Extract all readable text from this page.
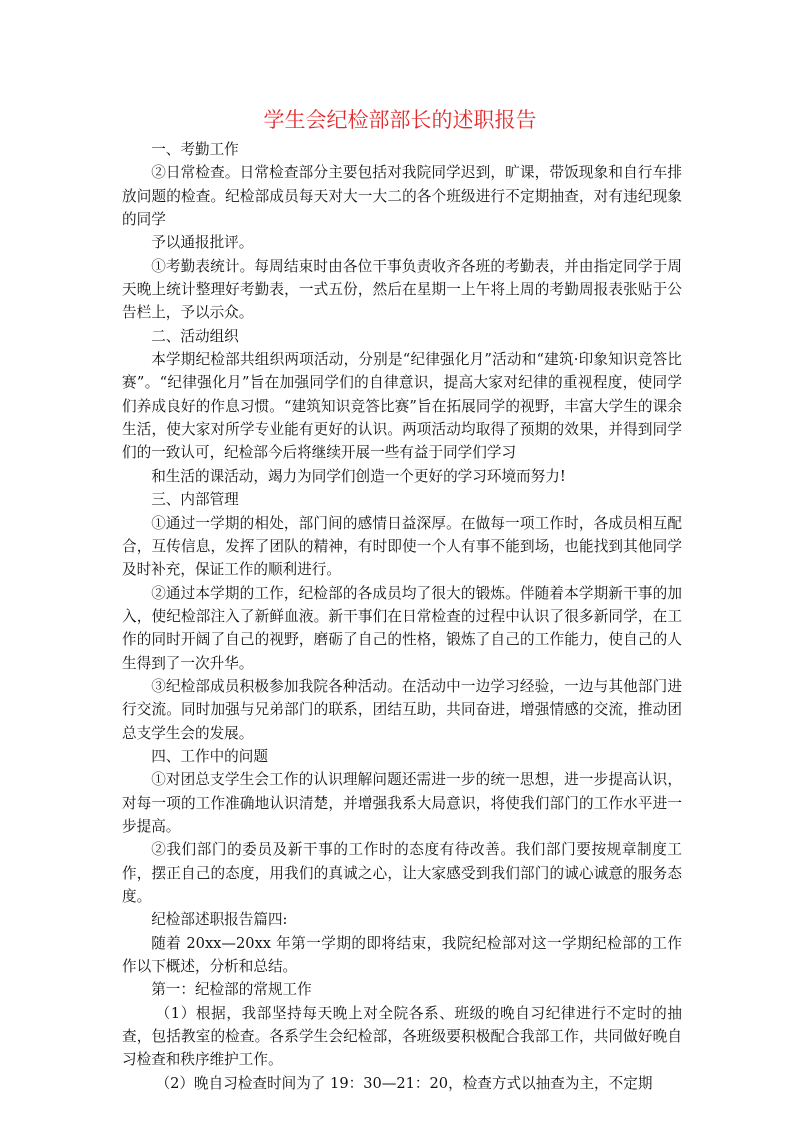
学生会纪检部部长的述职报告

一、考勤工作

②日常检查。日常检查部分主要包括对我院同学迟到，旷课，带饭现象和自行车排放问题的检查。纪检部成员每天对大一大二的各个班级进行不定期抽查，对有违纪现象的同学

予以通报批评。

①考勤表统计。每周结束时由各位干事负责收齐各班的考勤表，并由指定同学于周天晚上统计整理好考勤表，一式五份，然后在星期一上午将上周的考勤周报表张贴于公告栏上，予以示众。

二、活动组织

本学期纪检部共组织两项活动，分别是“纪律强化月”活动和“建筑·印象知识竞答比赛”。“纪律强化月”旨在加强同学们的自律意识，提高大家对纪律的重视程度，使同学们养成良好的作息习惯。“建筑知识竞答比赛”旨在拓展同学的视野，丰富大学生的课余生活，使大家对所学专业能有更好的认识。两项活动均取得了预期的效果，并得到同学们的一致认可，纪检部今后将继续开展一些有益于同学们学习

和生活的课活动，竭力为同学们创造一个更好的学习环境而努力!

三、内部管理

①通过一学期的相处，部门间的感情日益深厚。在做每一项工作时，各成员相互配合，互传信息，发挥了团队的精神，有时即使一个人有事不能到场，也能找到其他同学及时补充，保证工作的顺利进行。

②通过本学期的工作，纪检部的各成员均了很大的锻炼。伴随着本学期新干事的加入，使纪检部注入了新鲜血液。新干事们在日常检查的过程中认识了很多新同学，在工作的同时开阔了自己的视野，磨砺了自己的性格，锻炼了自己的工作能力，使自己的人生得到了一次升华。

③纪检部成员积极参加我院各种活动。在活动中一边学习经验，一边与其他部门进行交流。同时加强与兄弟部门的联系，团结互助，共同奋进，增强情感的交流，推动团总支学生会的发展。

四、工作中的问题

①对团总支学生会工作的认识理解问题还需进一步的统一思想，进一步提高认识，对每一项的工作准确地认识清楚，并增强我系大局意识，将使我们部门的工作水平进一步提高。

②我们部门的委员及新干事的工作时的态度有待改善。我们部门要按规章制度工作，摆正自己的态度，用我们的真诚之心，让大家感受到我们部门的诚心诚意的服务态度。

纪检部述职报告篇四:

随着 20xx—20xx 年第一学期的即将结束，我院纪检部对这一学期纪检部的工作作以下概述，分析和总结。

第一：纪检部的常规工作

（1）根据，我部坚持每天晚上对全院各系、班级的晚自习纪律进行不定时的抽查，包括教室的检查。各系学生会纪检部，各班级要积极配合我部工作，共同做好晚自习检查和秩序维护工作。

（2）晚自习检查时间为了 19：30—21：20，检查方式以抽查为主，不定期
